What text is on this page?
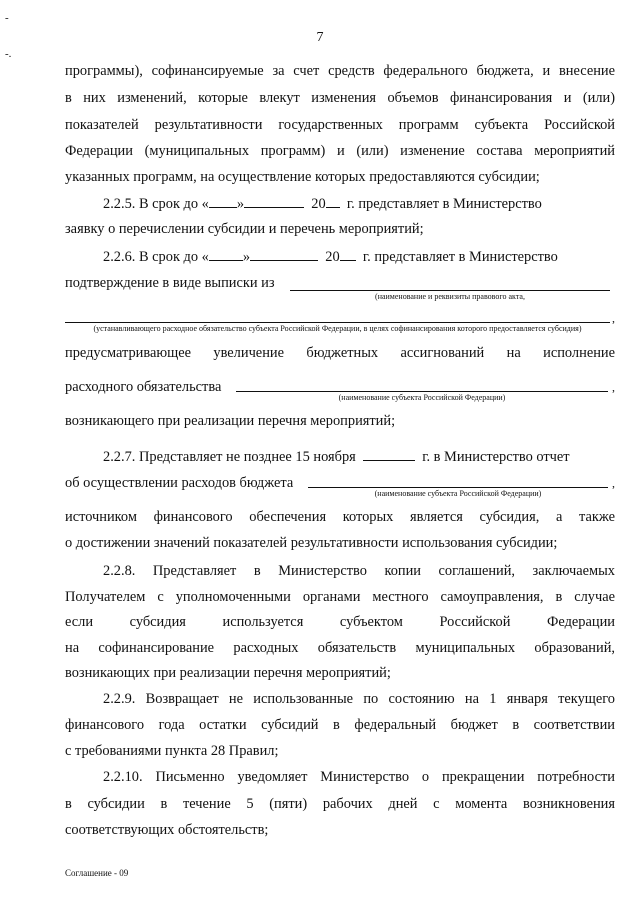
-
-.
7
программы), софинансируемые за счет средств федерального бюджета, и внесение
в них изменений, которые влекут изменения объемов финансирования и (или)
показателей результативности государственных программ субъекта Российской
Федерации (муниципальных программ) и (или) изменение состава мероприятий
указанных программ, на осуществление которых предоставляются субсидии;
2.2.5. В срок до « »	20 г. представляет в Министерство
заявку о перечислении субсидии и перечень мероприятий;
2.2.6. В срок до « »	20 г. представляет в Министерство
подтверждение в виде выписки из
(наименование и реквизиты правового акта,
,
(устанавливающего расходное обязательство субъекта Российской Федерации, в целях софинансирования которого предоставляется субсидия)
предусматривающее увеличение бюджетных ассигнований на исполнение
расходного обязательства	,
(наименование субъекта Российской Федерации)
возникающего при реализации перечня мероприятий;
2.2.7. Представляет не позднее 15 ноября	г. в Министерство отчет
об осуществлении расходов бюджета	,
(наименование субъекта Российской Федерации)
источником финансового обеспечения которых является субсидия, а также
о достижении значений показателей результативности использования субсидии;
2.2.8. Представляет в Министерство копии соглашений, заключаемых
Получателем с уполномоченными органами местного самоуправления, в случае
если субсидия используется субъектом Российской Федерации
на софинансирование расходных обязательств муниципальных образований,
возникающих при реализации перечня мероприятий;
2.2.9. Возвращает не использованные по состоянию на 1 января текущего
финансового года остатки субсидий в федеральный бюджет в соответствии
с требованиями пункта 28 Правил;
2.2.10. Письменно уведомляет Министерство о прекращении потребности
в субсидии в течение 5 (пяти) рабочих дней с момента возникновения
соответствующих обстоятельств;
Соглашение - 09
